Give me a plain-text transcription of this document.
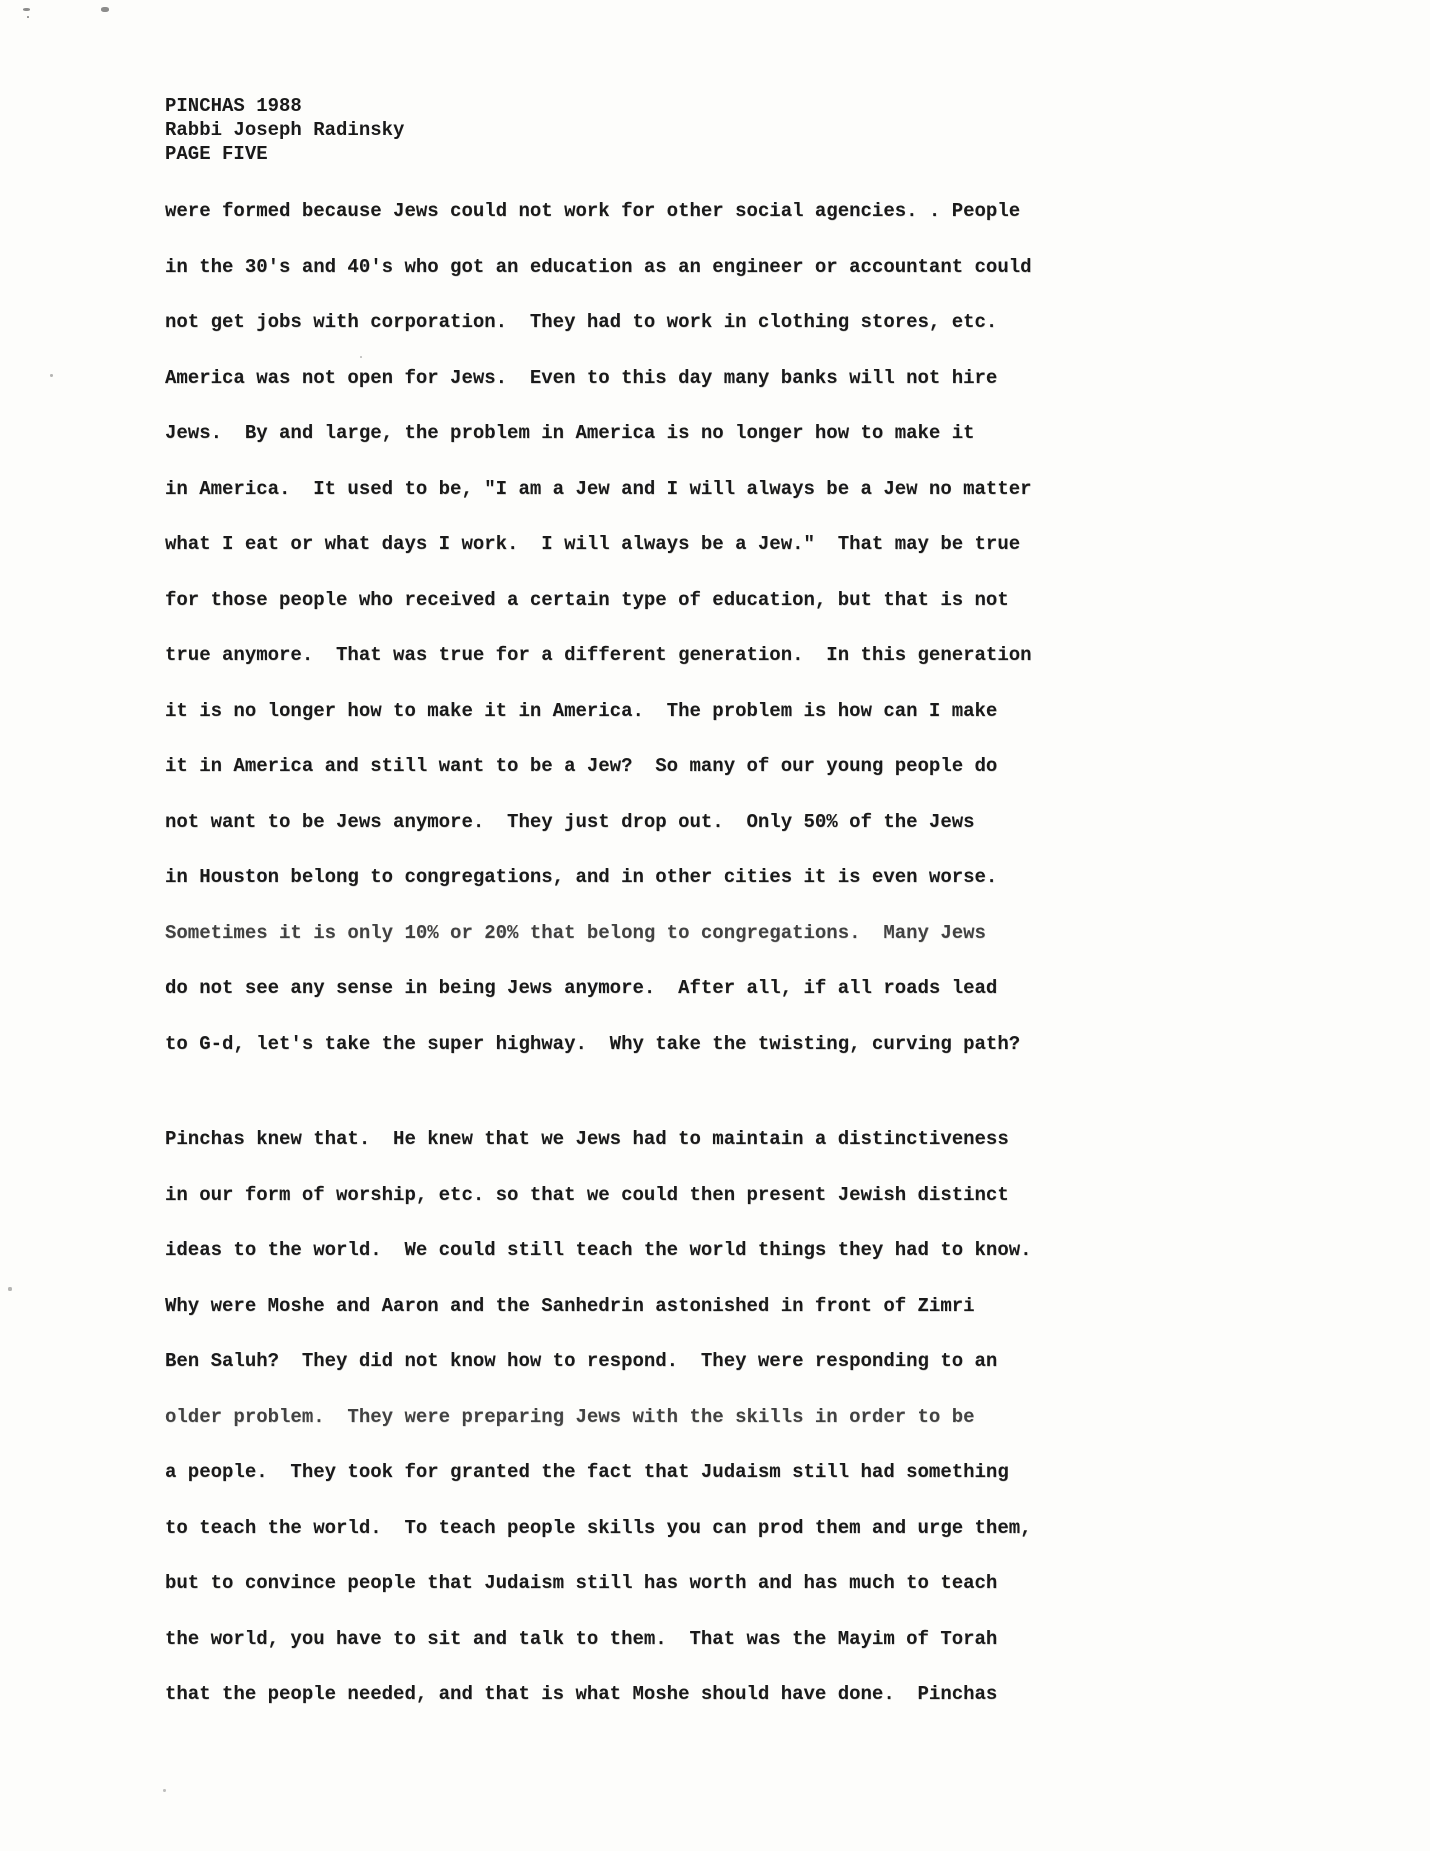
PINCHAS 1988
Rabbi Joseph Radinsky
PAGE FIVE
were formed because Jews could not work for other social agencies. . People
in the 30's and 40's who got an education as an engineer or accountant could
not get jobs with corporation.  They had to work in clothing stores, etc.
America was not open for Jews.  Even to this day many banks will not hire
Jews.  By and large, the problem in America is no longer how to make it
in America.  It used to be, "I am a Jew and I will always be a Jew no matter
what I eat or what days I work.  I will always be a Jew."  That may be true
for those people who received a certain type of education, but that is not
true anymore.  That was true for a different generation.  In this generation
it is no longer how to make it in America.  The problem is how can I make
it in America and still want to be a Jew?  So many of our young people do
not want to be Jews anymore.  They just drop out.  Only 50% of the Jews
in Houston belong to congregations, and in other cities it is even worse.
Sometimes it is only 10% or 20% that belong to congregations.  Many Jews
do not see any sense in being Jews anymore.  After all, if all roads lead
to G-d, let's take the super highway.  Why take the twisting, curving path?
Pinchas knew that.  He knew that we Jews had to maintain a distinctiveness
in our form of worship, etc. so that we could then present Jewish distinct
ideas to the world.  We could still teach the world things they had to know.
Why were Moshe and Aaron and the Sanhedrin astonished in front of Zimri
Ben Saluh?  They did not know how to respond.  They were responding to an
older problem.  They were preparing Jews with the skills in order to be
a people.  They took for granted the fact that Judaism still had something
to teach the world.  To teach people skills you can prod them and urge them,
but to convince people that Judaism still has worth and has much to teach
the world, you have to sit and talk to them.  That was the Mayim of Torah
that the people needed, and that is what Moshe should have done.  Pinchas
